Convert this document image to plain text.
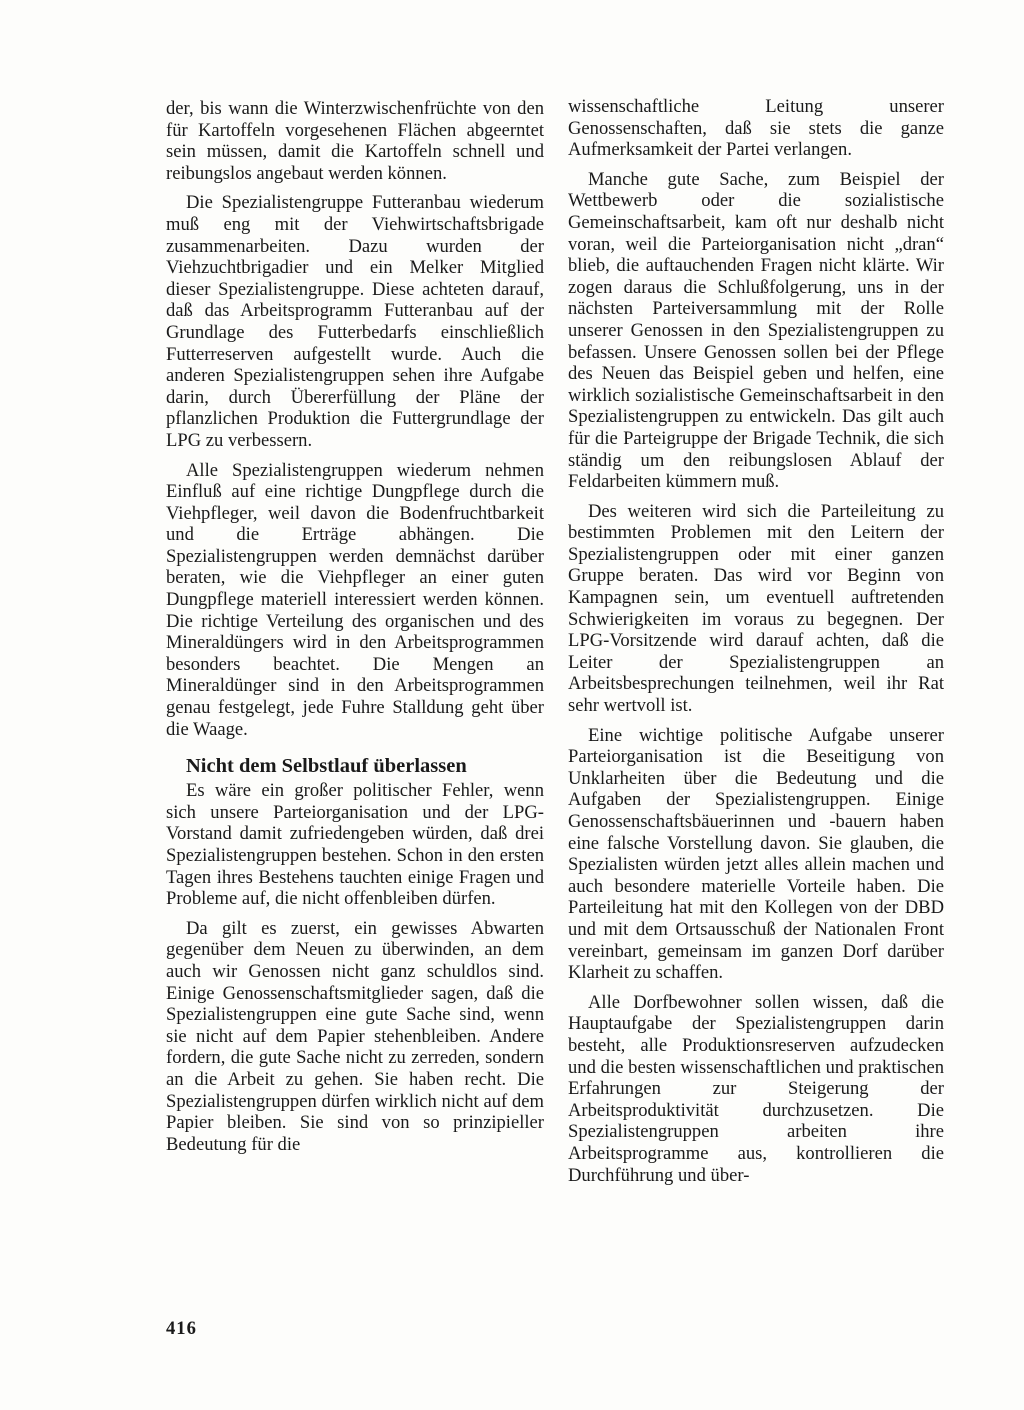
der, bis wann die Winterzwischenfrüchte von den für Kartoffeln vorgesehenen Flächen abgeerntet sein müssen, damit die Kartoffeln schnell und reibungslos angebaut werden können.

Die Spezialistengruppe Futteranbau wiederum muß eng mit der Viehwirtschaftsbrigade zusammenarbeiten. Dazu wurden der Viehzuchtbrigadier und ein Melker Mitglied dieser Spezialistengruppe. Diese achteten darauf, daß das Arbeitsprogramm Futteranbau auf der Grundlage des Futterbedarfs einschließlich Futterreserven aufgestellt wurde. Auch die anderen Spezialistengruppen sehen ihre Aufgabe darin, durch Übererfüllung der Pläne der pflanzlichen Produktion die Futtergrundlage der LPG zu verbessern.

Alle Spezialistengruppen wiederum nehmen Einfluß auf eine richtige Dungpflege durch die Viehpfleger, weil davon die Bodenfruchtbarkeit und die Erträge abhängen. Die Spezialistengruppen werden demnächst darüber beraten, wie die Viehpfleger an einer guten Dungpflege materiell interessiert werden können. Die richtige Verteilung des organischen und des Mineraldüngers wird in den Arbeitsprogrammen besonders beachtet. Die Mengen an Mineraldünger sind in den Arbeitsprogrammen genau festgelegt, jede Fuhre Stalldung geht über die Waage.

Nicht dem Selbstlauf überlassen

Es wäre ein großer politischer Fehler, wenn sich unsere Parteiorganisation und der LPG-Vorstand damit zufriedengeben würden, daß drei Spezialistengruppen bestehen. Schon in den ersten Tagen ihres Bestehens tauchten einige Fragen und Probleme auf, die nicht offenbleiben dürfen.

Da gilt es zuerst, ein gewisses Abwarten gegenüber dem Neuen zu überwinden, an dem auch wir Genossen nicht ganz schuldlos sind. Einige Genossenschaftsmitglieder sagen, daß die Spezialistengruppen eine gute Sache sind, wenn sie nicht auf dem Papier stehenbleiben. Andere fordern, die gute Sache nicht zu zerreden, sondern an die Arbeit zu gehen. Sie haben recht. Die Spezialistengruppen dürfen wirklich nicht auf dem Papier bleiben. Sie sind von so prinzipieller Bedeutung für die

wissenschaftliche Leitung unserer Genossenschaften, daß sie stets die ganze Aufmerksamkeit der Partei verlangen.

Manche gute Sache, zum Beispiel der Wettbewerb oder die sozialistische Gemeinschaftsarbeit, kam oft nur deshalb nicht voran, weil die Parteiorganisation nicht „dran“ blieb, die auftauchenden Fragen nicht klärte. Wir zogen daraus die Schlußfolgerung, uns in der nächsten Parteiversammlung mit der Rolle unserer Genossen in den Spezialistengruppen zu befassen. Unsere Genossen sollen bei der Pflege des Neuen das Beispiel geben und helfen, eine wirklich sozialistische Gemeinschaftsarbeit in den Spezialistengruppen zu entwickeln. Das gilt auch für die Parteigruppe der Brigade Technik, die sich ständig um den reibungslosen Ablauf der Feldarbeiten kümmern muß.

Des weiteren wird sich die Parteileitung zu bestimmten Problemen mit den Leitern der Spezialistengruppen oder mit einer ganzen Gruppe beraten. Das wird vor Beginn von Kampagnen sein, um eventuell auftretenden Schwierigkeiten im voraus zu begegnen. Der LPG-Vorsitzende wird darauf achten, daß die Leiter der Spezialistengruppen an Arbeitsbesprechungen teilnehmen, weil ihr Rat sehr wertvoll ist.

Eine wichtige politische Aufgabe unserer Parteiorganisation ist die Beseitigung von Unklarheiten über die Bedeutung und die Aufgaben der Spezialistengruppen. Einige Genossenschaftsbäuerinnen und -bauern haben eine falsche Vorstellung davon. Sie glauben, die Spezialisten würden jetzt alles allein machen und auch besondere materielle Vorteile haben. Die Parteileitung hat mit den Kollegen von der DBD und mit dem Ortsausschuß der Nationalen Front vereinbart, gemeinsam im ganzen Dorf darüber Klarheit zu schaffen.

Alle Dorfbewohner sollen wissen, daß die Hauptaufgabe der Spezialistengruppen darin besteht, alle Produktionsreserven aufzudecken und die besten wissenschaftlichen und praktischen Erfahrungen zur Steigerung der Arbeitsproduktivität durchzusetzen. Die Spezialistengruppen arbeiten ihre Arbeitsprogramme aus, kontrollieren die Durchführung und über-

416
